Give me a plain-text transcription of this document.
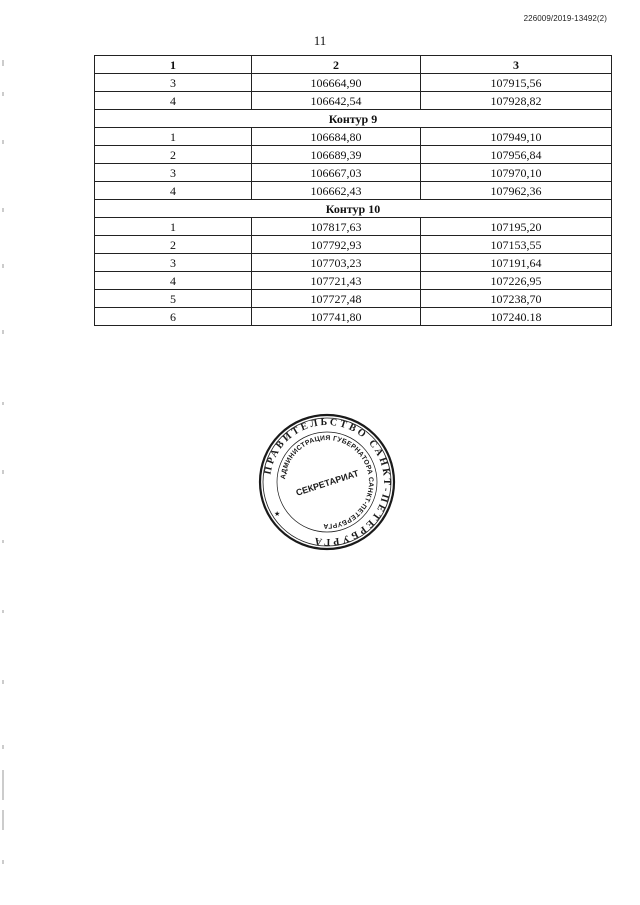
226009/2019-13492(2)
11
1	2	3
3	106664,90	107915,56
4	106642,54	107928,82
Контур 9		
1	106684,80	107949,10
2	106689,39	107956,84
3	106667,03	107970,10
4	106662,43	107962,36
Контур 10		
1	107817,63	107195,20
2	107792,93	107153,55
3	107703,23	107191,64
4	107721,43	107226,95
5	107727,48	107238,70
6	107741,80	107240.18
ПРАВИТЕЛЬСТВО САНКТ-ПЕТЕРБУРГА
АДМИНИСТРАЦИЯ ГУБЕРНАТОРА САНКТ-ПЕТЕРБУРГА
СЕКРЕТАРИАТ
★
